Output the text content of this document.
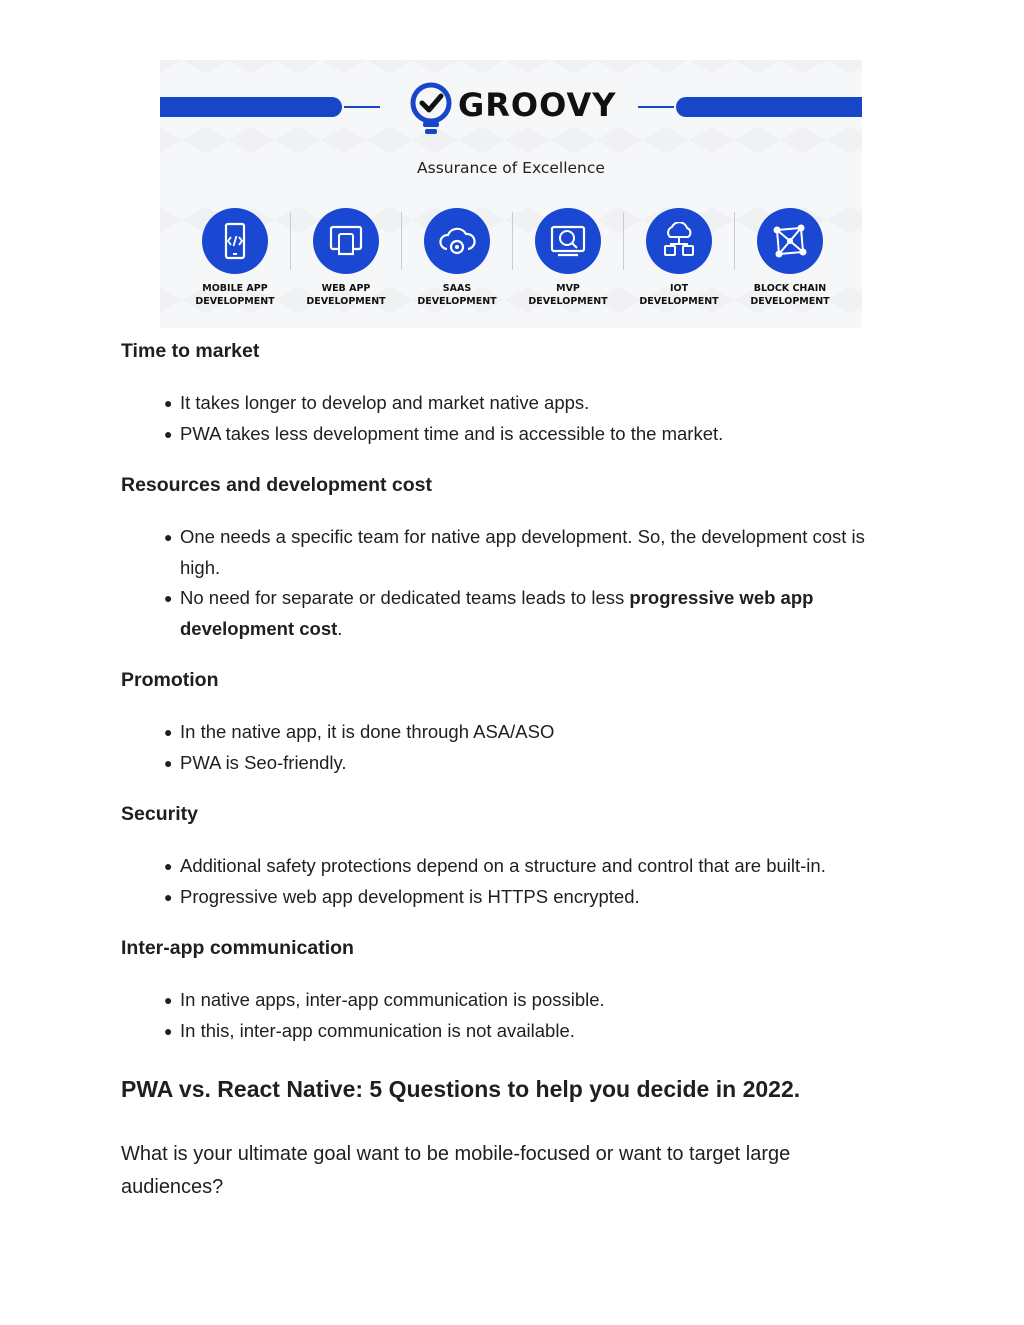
GROOVY
Assurance of Excellence
MOBILE APP
DEVELOPMENT
WEB APP
DEVELOPMENT
SAAS
DEVELOPMENT
MVP
DEVELOPMENT
IOT
DEVELOPMENT
BLOCK CHAIN
DEVELOPMENT
Time to market
● It takes longer to develop and market native apps.
● PWA takes less development time and is accessible to the market.
Resources and development cost
● One needs a specific team for native app development. So, the development cost is high.
● No need for separate or dedicated teams leads to less progressive web app development cost.
Promotion
● In the native app, it is done through ASA/ASO
● PWA is Seo-friendly.
Security
● Additional safety protections depend on a structure and control that are built-in.
● Progressive web app development is HTTPS encrypted.
Inter-app communication
● In native apps, inter-app communication is possible.
● In this, inter-app communication is not available.
PWA vs. React Native: 5 Questions to help you decide in 2022.
What is your ultimate goal want to be mobile-focused or want to target large audiences?
